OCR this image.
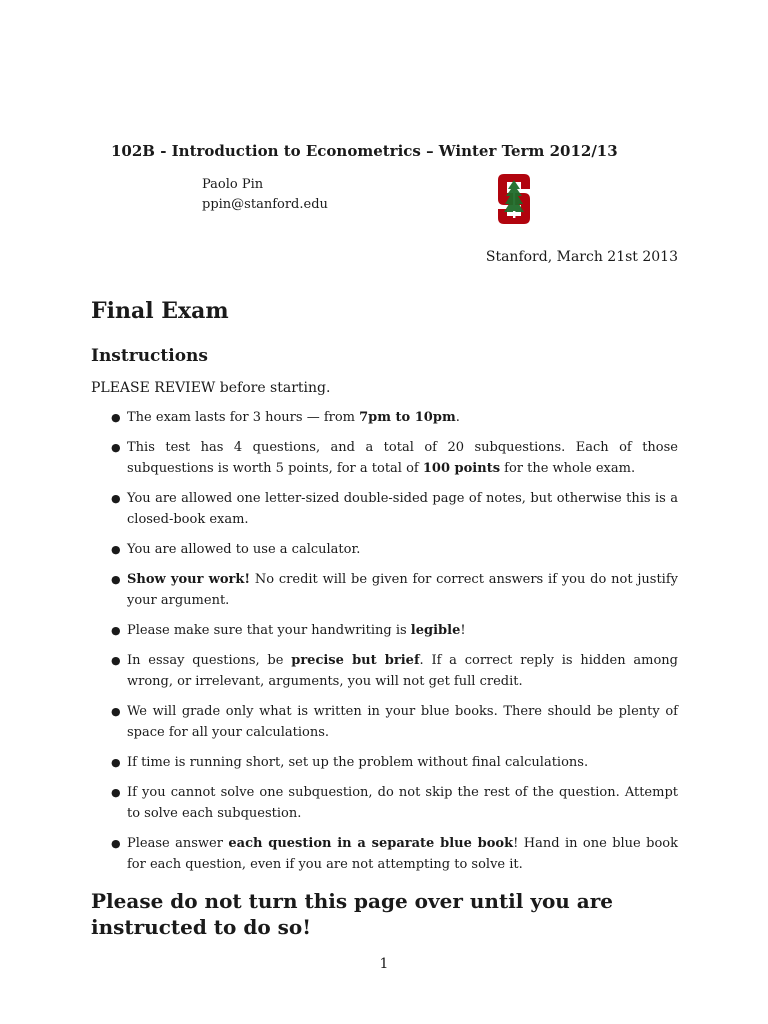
102B - Introduction to Econometrics – Winter Term 2012/13
Paolo Pin
ppin@stanford.edu
Stanford, March 21st 2013
Final Exam
Instructions
PLEASE REVIEW before starting.
● The exam lasts for 3 hours — from 7pm to 10pm.
● This test has 4 questions, and a total of 20 subquestions. Each of those subquestions is worth 5 points, for a total of 100 points for the whole exam.
● You are allowed one letter-sized double-sided page of notes, but otherwise this is a closed-book exam.
● You are allowed to use a calculator.
● Show your work! No credit will be given for correct answers if you do not justify your argument.
● Please make sure that your handwriting is legible!
● In essay questions, be precise but brief. If a correct reply is hidden among wrong, or irrelevant, arguments, you will not get full credit.
● We will grade only what is written in your blue books. There should be plenty of space for all your calculations.
● If time is running short, set up the problem without final calculations.
● If you cannot solve one subquestion, do not skip the rest of the question. Attempt to solve each subquestion.
● Please answer each question in a separate blue book! Hand in one blue book for each question, even if you are not attempting to solve it.
Please do not turn this page over until you are instructed to do so!
1
